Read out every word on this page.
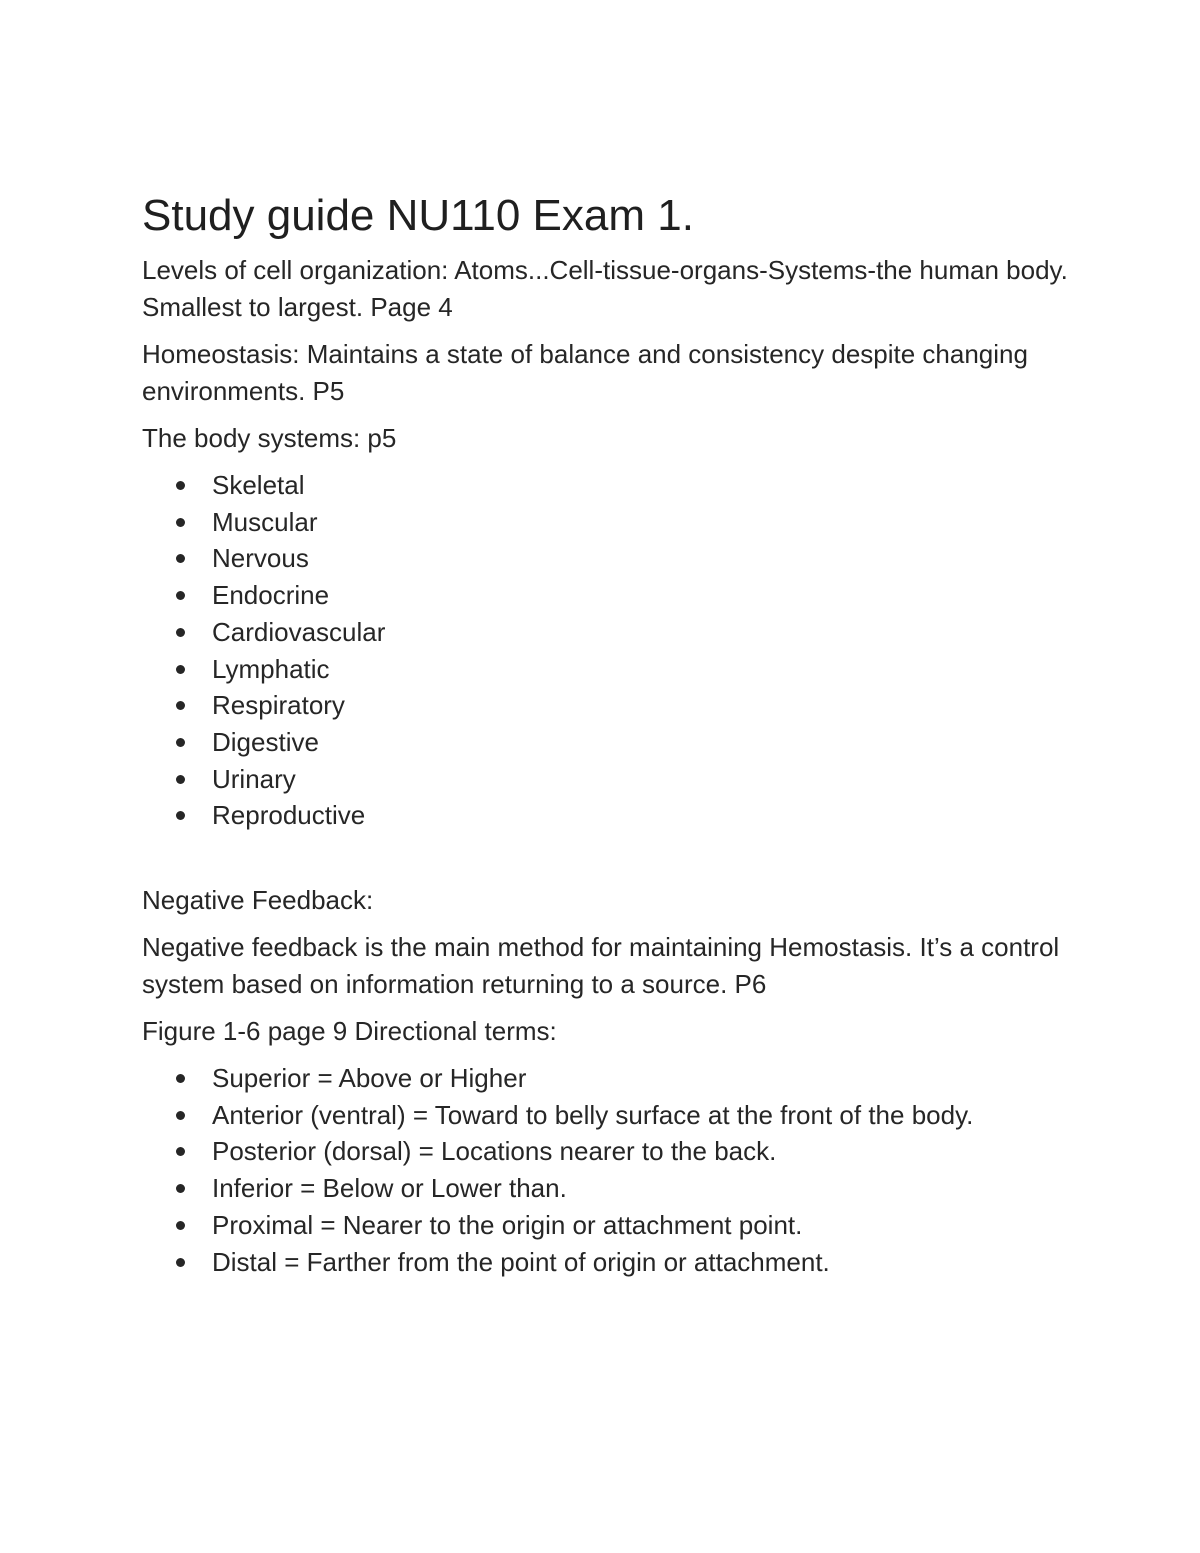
Study guide NU110 Exam 1.

Levels of cell organization: Atoms...Cell-tissue-organs-Systems-the human body. Smallest to largest. Page 4

Homeostasis: Maintains a state of balance and consistency despite changing environments. P5

The body systems: p5

Skeletal
Muscular
Nervous
Endocrine
Cardiovascular
Lymphatic
Respiratory
Digestive
Urinary
Reproductive

Negative Feedback:

Negative feedback is the main method for maintaining Hemostasis. It’s a control system based on information returning to a source. P6

Figure 1-6 page 9 Directional terms:

Superior = Above or Higher
Anterior (ventral) = Toward to belly surface at the front of the body.
Posterior (dorsal) = Locations nearer to the back.
Inferior = Below or Lower than.
Proximal = Nearer to the origin or attachment point.
Distal = Farther from the point of origin or attachment.
